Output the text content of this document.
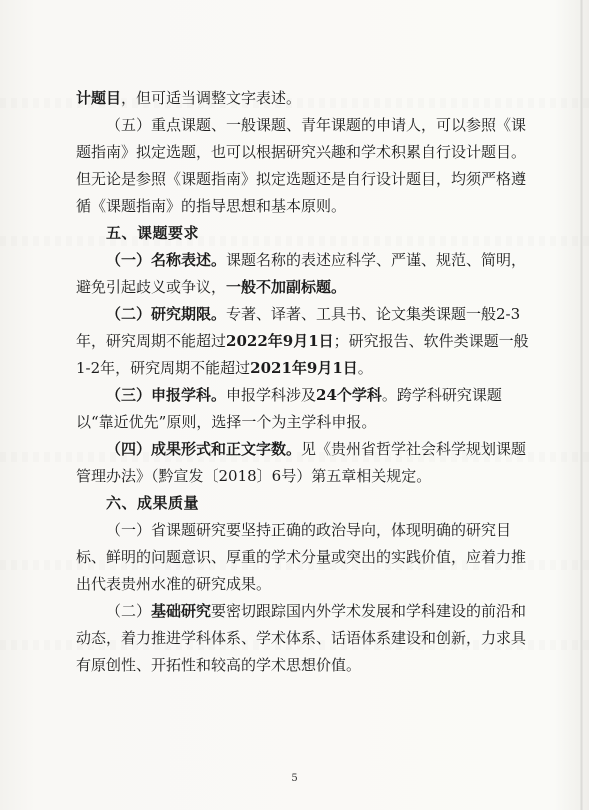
计题目，但可适当调整文字表述。

（五）重点课题、一般课题、青年课题的申请人，可以参照《课题指南》拟定选题，也可以根据研究兴趣和学术积累自行设计题目。但无论是参照《课题指南》拟定选题还是自行设计题目，均须严格遵循《课题指南》的指导思想和基本原则。

五、课题要求

（一）名称表述。课题名称的表述应科学、严谨、规范、简明，避免引起歧义或争议，一般不加副标题。

（二）研究期限。专著、译著、工具书、论文集类课题一般2-3年，研究周期不能超过2022年9月1日；研究报告、软件类课题一般1-2年，研究周期不能超过2021年9月1日。

（三）申报学科。申报学科涉及24个学科。跨学科研究课题以“靠近优先”原则，选择一个为主学科申报。

（四）成果形式和正文字数。见《贵州省哲学社会科学规划课题管理办法》（黔宣发〔2018〕6号）第五章相关规定。

六、成果质量

（一）省课题研究要坚持正确的政治导向，体现明确的研究目标、鲜明的问题意识、厚重的学术分量或突出的实践价值，应着力推出代表贵州水准的研究成果。

（二）基础研究要密切跟踪国内外学术发展和学科建设的前沿和动态，着力推进学科体系、学术体系、话语体系建设和创新，力求具有原创性、开拓性和较高的学术思想价值。

5
